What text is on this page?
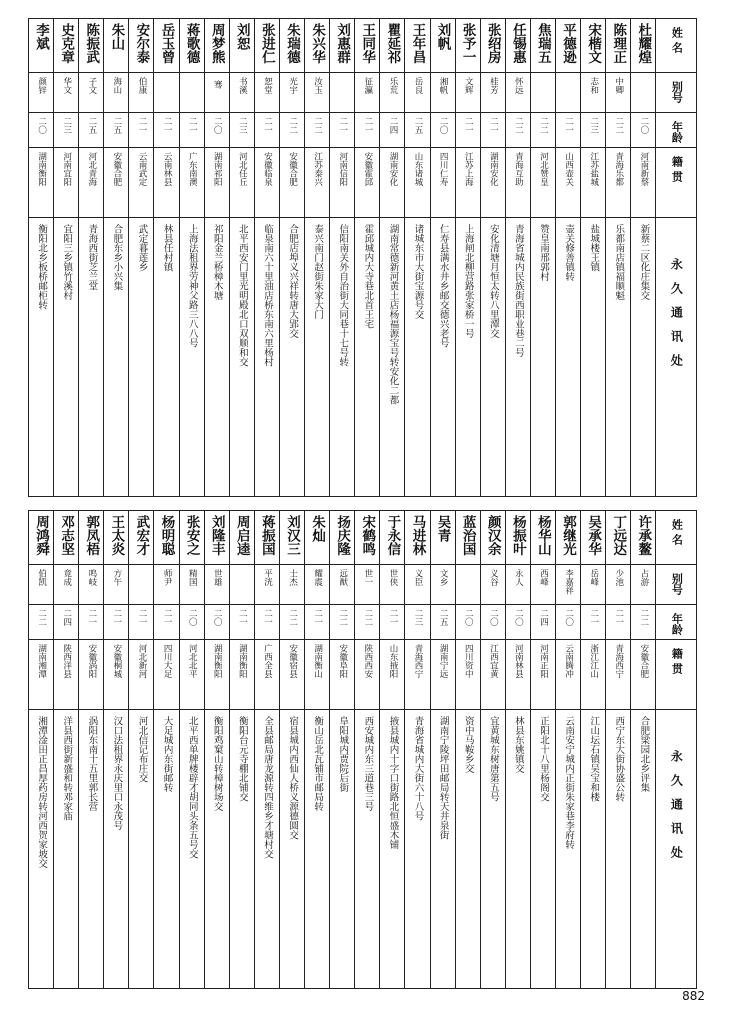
李斌	史克章	陈振武	朱山	安尔泰	岳玉曾	蒋歌德	周梦熊	刘恕	张进仁	朱瑞德	朱兴华	刘惠群	王同华	瞿延祁	王年昌	刘帆	张予一	张绍房	任锡惠	焦瑞五	平德逊	宋楷文	陈理正	杜耀煌	姓名
颜锌	华文	子文	海山	伯康			骞	书溪	恕堂	光宇	汝玉		征瀛	乐荒	岳良	湘帆	文辉	桂芳	怀远			志和	中卿		别号
二〇	二三	二五	二五	二一	二一	二一	二〇	二三	二一	二二	二二	二一	二一	二四	二五	二〇	二一	二一	二二	二二	二一	二三	二二	二〇	年龄
湖南衡阳	河南宜阳	河北青海	安徽合肥	云南武定	云南林县	广东南澳	湖南祁阳	河北任丘	安徽临泉	安徽合肥	江苏泰兴	河南信阳	安徽霍邱	湖南安化	山东诸城	四川仁寿	江苏上海	湖南安化	青海互助	河北赞皇	山西壶关	江苏盐城	青海乐都	河南新蔡	籍贯
衡阳北乡板桥邮柜转	宜阳三乡镇竹溪村	青海西街芝兰堂	合肥东乡小兴集	武定暮莲乡	林县任村镇	上海法租界劳神父路三八八号	祁阳金兰桥樟木塘	北平西安门里光明殿北口双顺和交	临泉南六十里油店桥东南六里杨村	合肥店埠义兴祥转唐大郢交	泰兴南门赵街朱家大门	信阳南关外自治街大同巷十七号转	霍邱城内大寺巷北首王宅	湖南常德新河黄土店杨福源宝号转安化二都	诸城东市大街宝源号交	仁寿县满水井乡邮交德兴老号	上海闸北柳营路张家桥一号	安化清塘月恒太转八里潭交	青海省城内民族街西职业巷二号	赞皇南邢郭村	壶关修善镇转	盐城楼王镇	乐都南店镇福顺魁	新蔡二区化庄集交	永久通讯处
周鸿舜	邓志坚	郭凤梧	王太炎	武宏才	杨明聪	张安之	刘隆丰	周启逵	蒋振国	刘汉三	朱灿	扬庆隆	宋鹤鸣	于永信	马进林	吴青	蓝治国	颜汉余	杨振叶	杨华山	郭继光	吴承华	丁远达	许承鳌	姓名
伯凯	竟成	鸣岐	方午		师尹	精国	世雄		平洸	士杰	耀震	远猷	世一	世侠	义臣	文乡		义谷	永人	西峰	李嘉祥	岳峰	少池	占游	别号
二二	二四	二一	二一	二一	二一	二〇	二〇	二一	二一	二二	二一	二二	二二	二一	二三	二五	二〇	二〇	二〇	二四	二〇	二一	二一	二二	年龄
湖南湘潭	陕西洋县	安徽涡阳	安徽桐城	河北新河	四川大足	河北北平	湖南衡阳	湖南衡阳	广西全县	安徽宿县	湖南衡山	安徽阜阳	陕西西安	山东掖阳	青海西宁	湖南宁远	四川资中	江西宜黄	河南林县	河南正阳	云南腾冲	浙江江山	青海西宁	安徽合肥	籍贯
湘潭淦田正昌厚药房转河西贺家坡交	洋县西街新盛和转邓家庙	涡阳东南十五里郭长营	汉口法租界永庆里口永茂号	河北信记布庄交	大足城内东街邮转	北平西单牌楼辟才胡同头条五号交	衡阳鸡窠山转樟树场交	衡阳台元寺棚北铺交	全县邮局唐龙源转四维乡才塘村交	宿县城内西仙人桥义源德圆交	衡山岳北瓦铺市邮局转	阜阳城内贾院后街	西安城内东三道巷三号	掖县城内十字口街路北恒盛木铺	青海省城内大街六十八号	湖南宁陵坪田邮局转天井泉街	资中马鞍乡交	宜黄城东树唐第五号	林县东姚镇交	正阳北十八里杨阁交	云南安宁城内正街朱家巷李府转	江山坛石镇吴宝和楼	西宁东大街协盛公转	合肥梁园北乡评集	永久通讯处
882
